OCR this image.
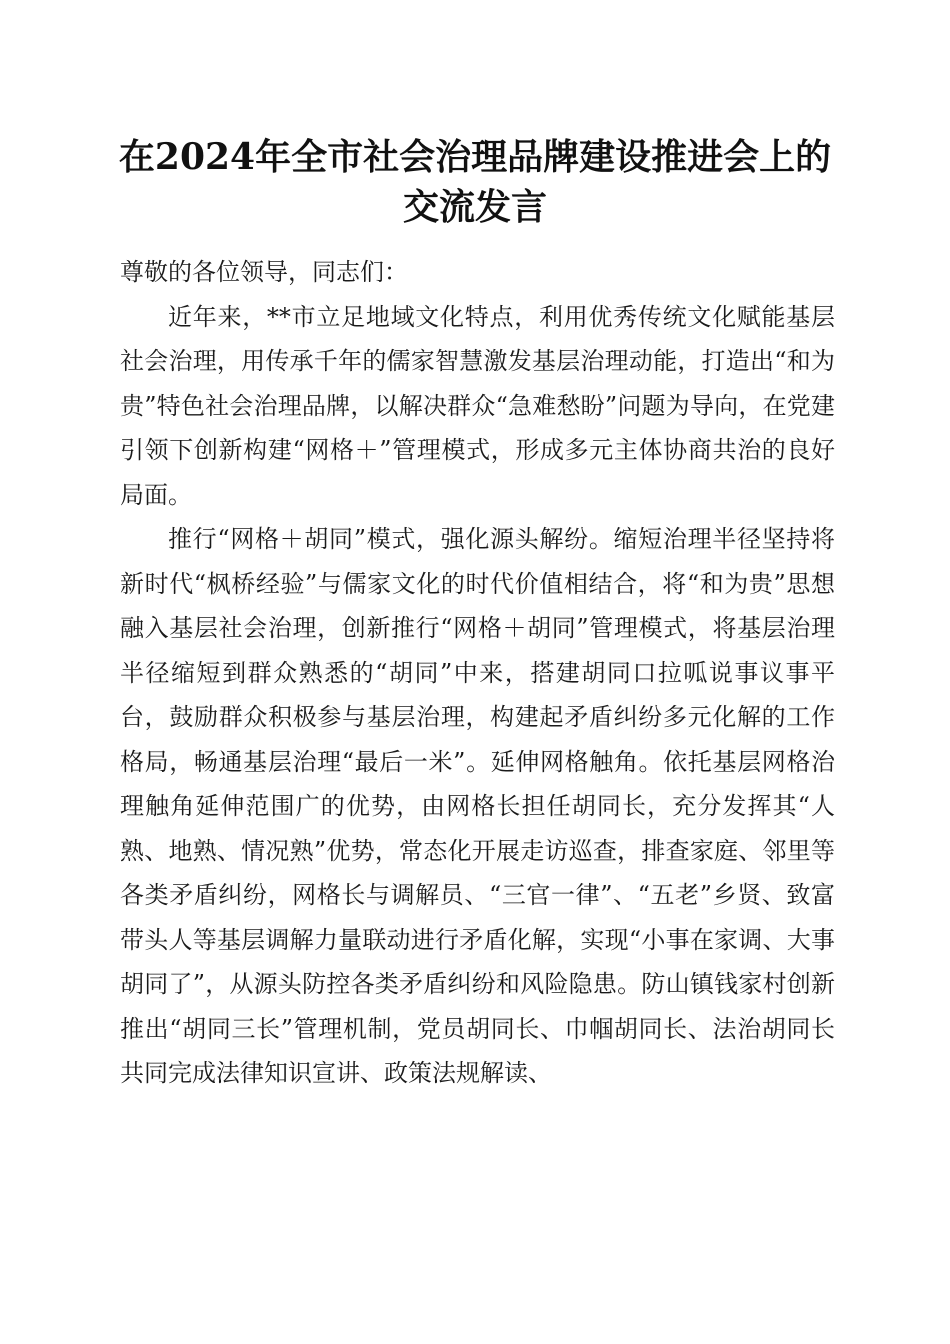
在2024年全市社会治理品牌建设推进会上的
交流发言

尊敬的各位领导，同志们：

近年来，**市立足地域文化特点，利用优秀传统文化赋能基层社会治理，用传承千年的儒家智慧激发基层治理动能，打造出“和为贵”特色社会治理品牌，以解决群众“急难愁盼”问题为导向，在党建引领下创新构建“网格＋”管理模式，形成多元主体协商共治的良好局面。

推行“网格＋胡同”模式，强化源头解纷。缩短治理半径坚持将新时代“枫桥经验”与儒家文化的时代价值相结合，将“和为贵”思想融入基层社会治理，创新推行“网格＋胡同”管理模式，将基层治理半径缩短到群众熟悉的“胡同”中来，搭建胡同口拉呱说事议事平台，鼓励群众积极参与基层治理，构建起矛盾纠纷多元化解的工作格局，畅通基层治理“最后一米”。延伸网格触角。依托基层网格治理触角延伸范围广的优势，由网格长担任胡同长，充分发挥其“人熟、地熟、情况熟”优势，常态化开展走访巡查，排查家庭、邻里等各类矛盾纠纷，网格长与调解员、“三官一律”、“五老”乡贤、致富带头人等基层调解力量联动进行矛盾化解，实现“小事在家调、大事胡同了”，从源头防控各类矛盾纠纷和风险隐患。防山镇钱家村创新推出“胡同三长”管理机制，党员胡同长、巾帼胡同长、法治胡同长共同完成法律知识宣讲、政策法规解读、
